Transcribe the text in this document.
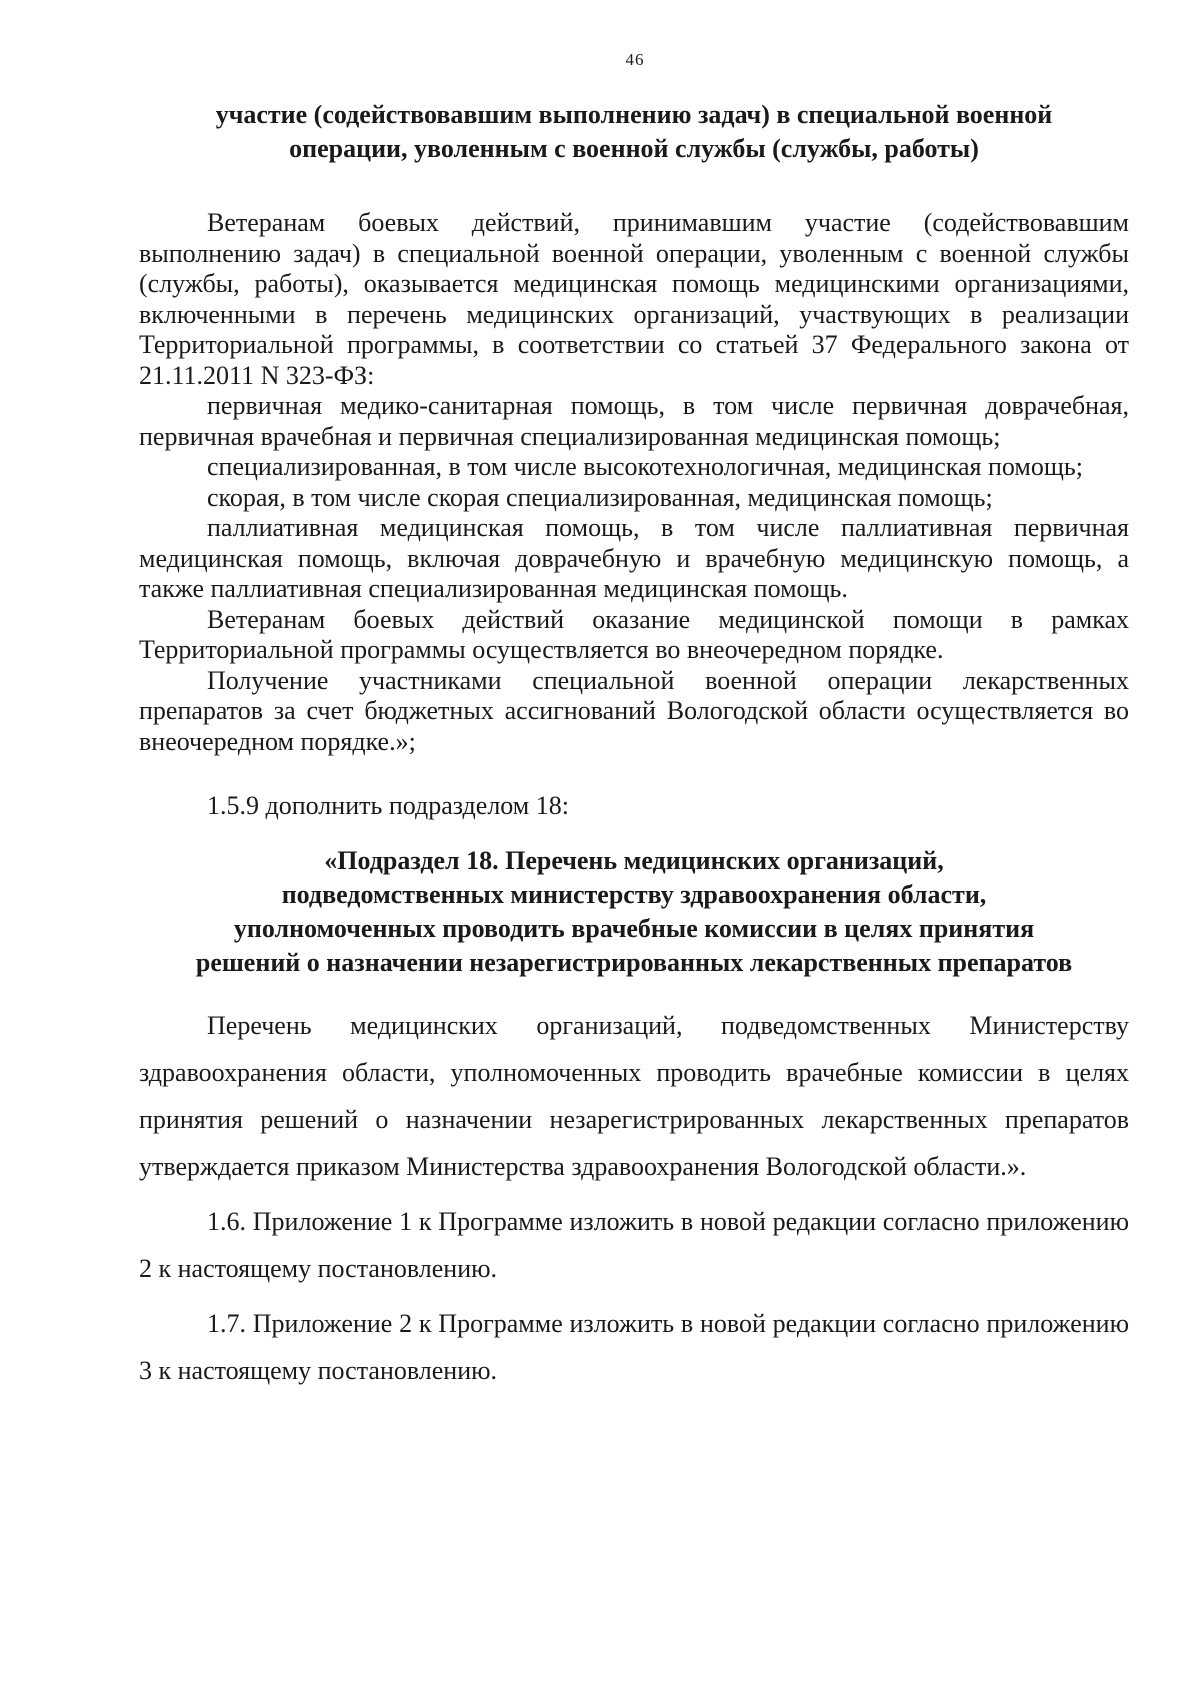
46
участие (содействовавшим выполнению задач) в специальной военной
операции, уволенным с военной службы (службы, работы)

Ветеранам боевых действий, принимавшим участие (содействовавшим выполнению задач) в специальной военной операции, уволенным с военной службы (службы, работы), оказывается медицинская помощь медицинскими организациями, включенными в перечень медицинских организаций, участвующих в реализации Территориальной программы, в соответствии со статьей 37 Федерального закона от 21.11.2011 N 323-ФЗ:

первичная медико-санитарная помощь, в том числе первичная доврачебная, первичная врачебная и первичная специализированная медицинская помощь;

специализированная, в том числе высокотехнологичная, медицинская помощь;

скорая, в том числе скорая специализированная, медицинская помощь;

паллиативная медицинская помощь, в том числе паллиативная первичная медицинская помощь, включая доврачебную и врачебную медицинскую помощь, а также паллиативная специализированная медицинская помощь.

Ветеранам боевых действий оказание медицинской помощи в рамках Территориальной программы осуществляется во внеочередном порядке.

Получение участниками специальной военной операции лекарственных препаратов за счет бюджетных ассигнований Вологодской области осуществляется во внеочередном порядке.»;

1.5.9 дополнить подразделом 18:

«Подраздел 18. Перечень медицинских организаций,
подведомственных министерству здравоохранения области,
уполномоченных проводить врачебные комиссии в целях принятия
решений о назначении незарегистрированных лекарственных препаратов

Перечень медицинских организаций, подведомственных Министерству здравоохранения области, уполномоченных проводить врачебные комиссии в целях принятия решений о назначении незарегистрированных лекарственных препаратов утверждается приказом Министерства здравоохранения Вологодской области.».

1.6. Приложение 1 к Программе изложить в новой редакции согласно приложению 2 к настоящему постановлению.

1.7. Приложение 2 к Программе изложить в новой редакции согласно приложению 3 к настоящему постановлению.
